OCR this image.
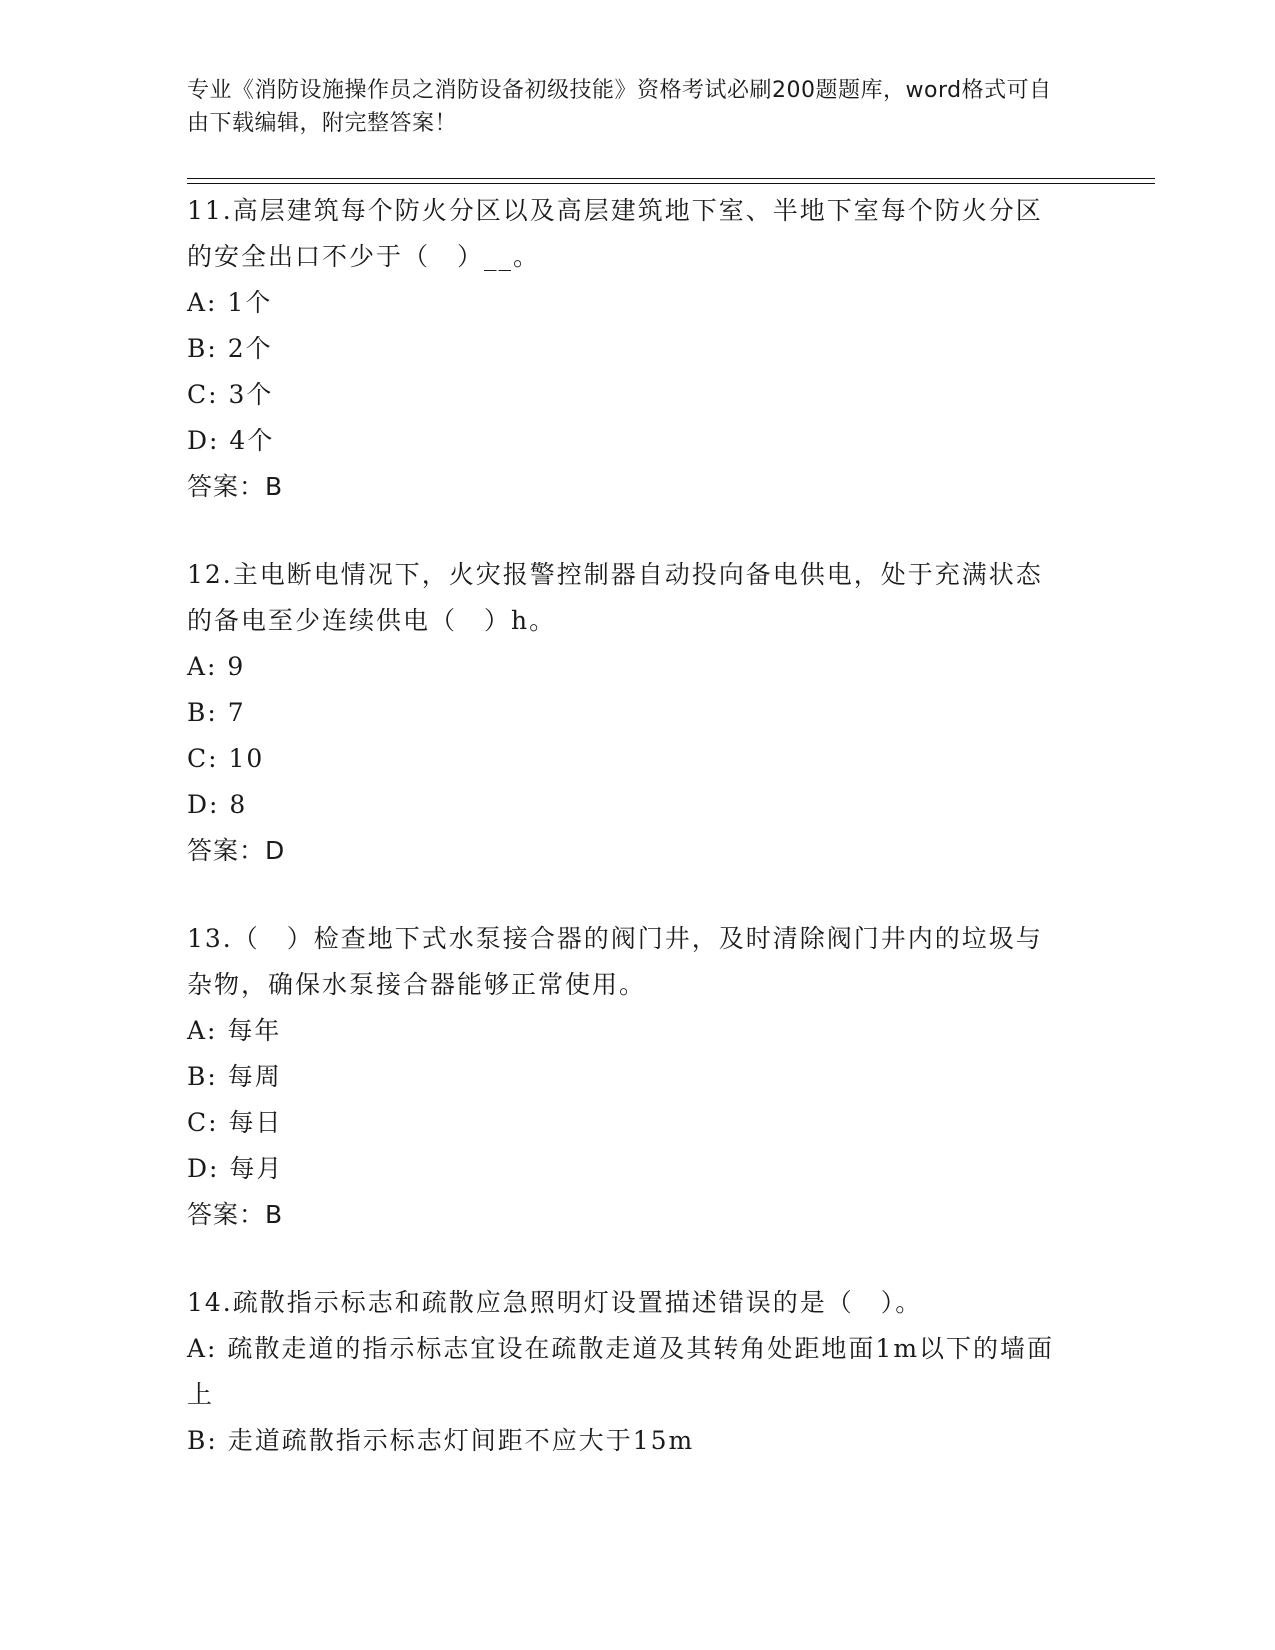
专业《消防设施操作员之消防设备初级技能》资格考试必刷200题题库，word格式可自由下载编辑，附完整答案！
11.高层建筑每个防火分区以及高层建筑地下室、半地下室每个防火分区的安全出口不少于（　）__。
A: 1个
B: 2个
C: 3个
D: 4个
答案：B
12.主电断电情况下，火灾报警控制器自动投向备电供电，处于充满状态的备电至少连续供电（　）h。
A: 9
B: 7
C: 10
D: 8
答案：D
13.（　）检查地下式水泵接合器的阀门井，及时清除阀门井内的垃圾与杂物，确保水泵接合器能够正常使用。
A: 每年
B: 每周
C: 每日
D: 每月
答案：B
14.疏散指示标志和疏散应急照明灯设置描述错误的是（　）。
A: 疏散走道的指示标志宜设在疏散走道及其转角处距地面1m以下的墙面上
B: 走道疏散指示标志灯间距不应大于15m
